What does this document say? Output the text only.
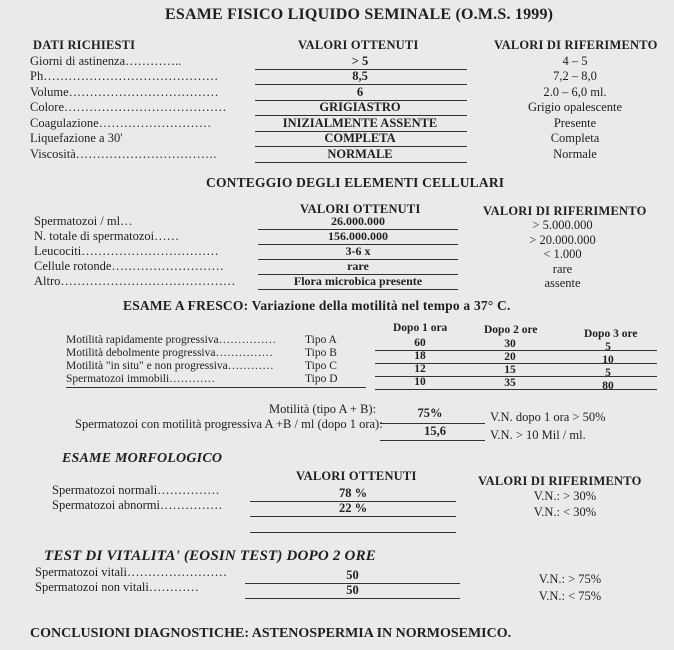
ESAME FISICO LIQUIDO SEMINALE (O.M.S. 1999)
DATI RICHIESTI	VALORI OTTENUTI	VALORI DI RIFERIMENTO
Giorni di astinenza…………..	> 5	4 – 5
Ph……………………………………	8,5	7,2 – 8,0
Volume………………………………	6	2.0 – 6,0 ml.
Colore…………………………………	GRIGIASTRO	Grigio opalescente
Coagulazione………………………	INIZIALMENTE ASSENTE	Presente
Liquefazione a 30'	COMPLETA	Completa
Viscosità…………………………….	NORMALE	Normale
CONTEGGIO DEGLI ELEMENTI CELLULARI
VALORI OTTENUTI	VALORI DI RIFERIMENTO
Spermatozoi / ml…	26.000.000	> 5.000.000
N. totale di spermatozoi……	156.000.000	> 20.000.000
Leucociti……………………………	3-6 x	< 1.000
Cellule rotonde………………………	rare	rare
Altro……………………………………	Flora microbica presente	assente
ESAME A FRESCO: Variazione della motilità nel tempo a 37° C.
Dopo 1 ora	Dopo 2 ore	Dopo 3 ore
Motilità rapidamente progressiva……………	Tipo A	60	30	5
Motilità debolmente progressiva……………	Tipo B	18	20	10
Motilità "in situ" e non progressiva…………	Tipo C	12	15	5
Spermatozoi immobili…………	Tipo D	10	35	80
Motilità (tipo A + B):	75%	V.N. dopo 1 ora > 50%
Spermatozoi con motilità progressiva A +B / ml (dopo 1 ora):	15,6	V.N. > 10 Mil / ml.
ESAME MORFOLOGICO
VALORI OTTENUTI	VALORI DI RIFERIMENTO
Spermatozoi normali……………	78 %	V.N.: > 30%
Spermatozoi abnormi……………	22 %	V.N.: < 30%
TEST DI VITALITA' (EOSIN TEST) DOPO 2 ORE
Spermatozoi vitali……………………	50	V.N.: > 75%
Spermatozoi non vitali…………	50	V.N.: < 75%
CONCLUSIONI DIAGNOSTICHE: ASTENOSPERMIA IN NORMOSEMICO.
